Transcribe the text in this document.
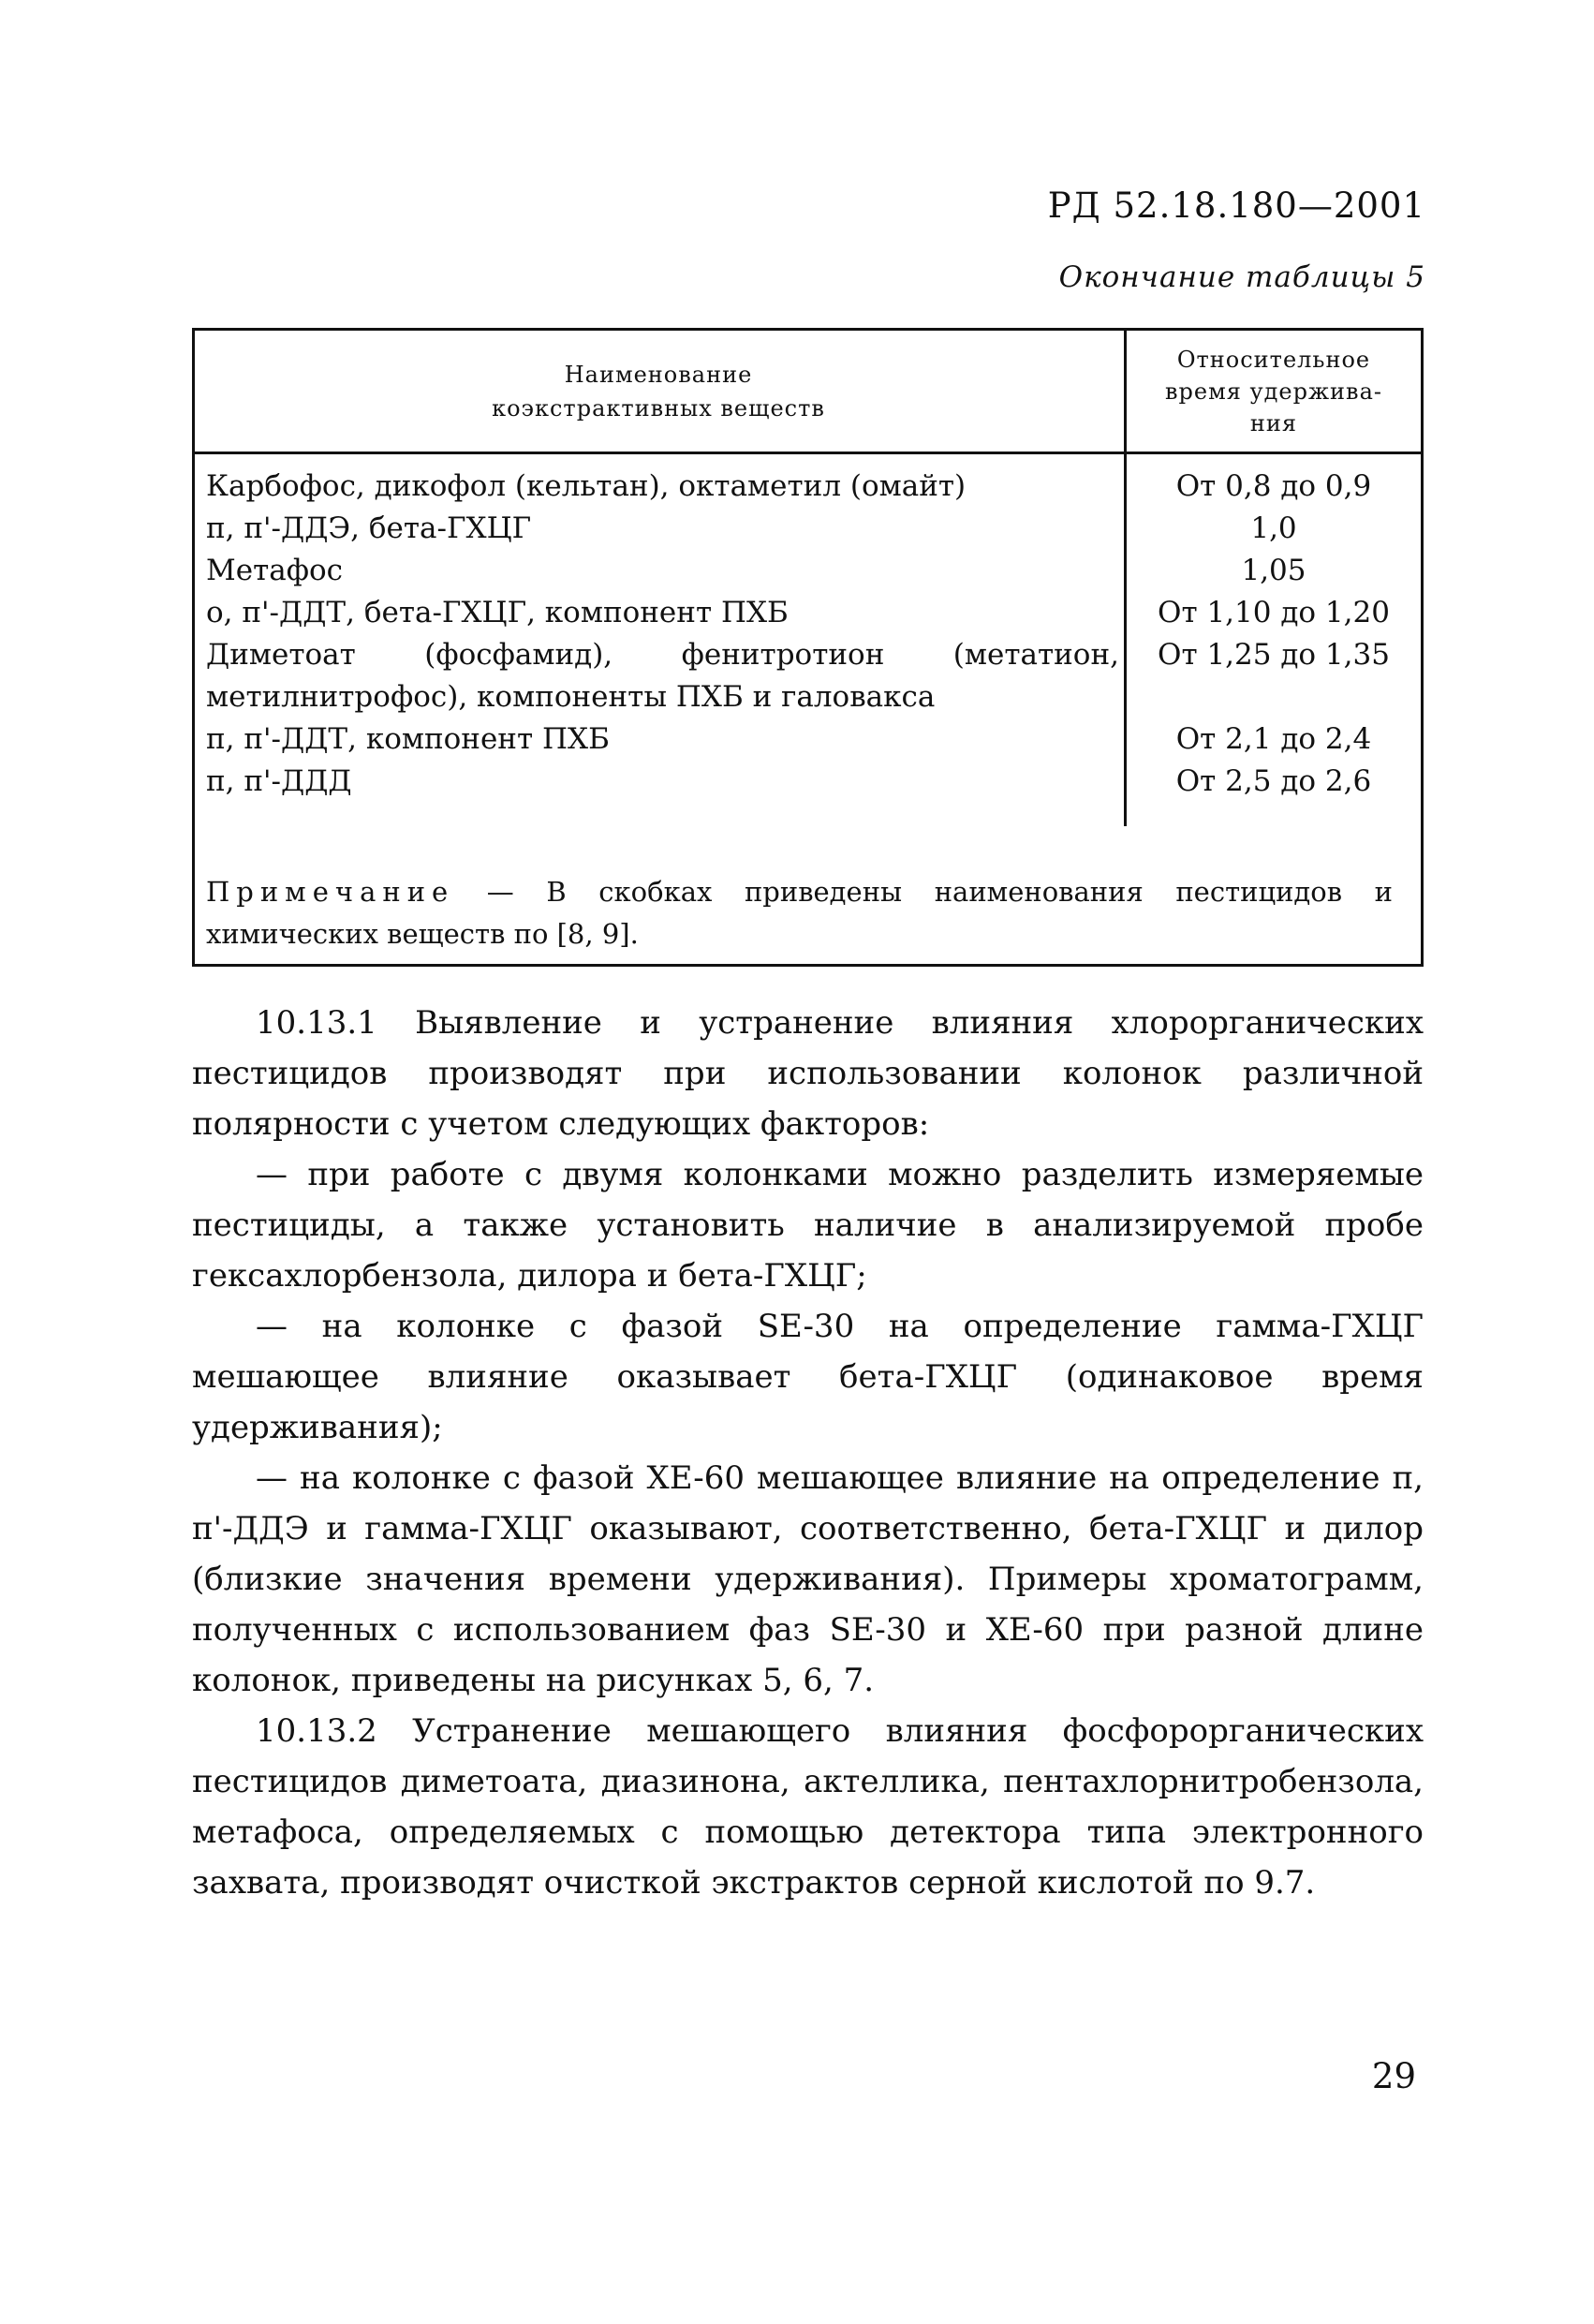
РД 52.18.180—2001
Окончание таблицы 5
Наименование
коэкстрактивных веществ
Относительное
время удержива-
ния
Карбофос, дикофол (кельтан), октаметил (омайт)
п, п'-ДДЭ, бета-ГХЦГ
Метафос
о, п'-ДДТ, бета-ГХЦГ, компонент ПХБ
Диметоат (фосфамид), фенитротион (метатион, метилнитрофос), компоненты ПХБ и галовакса
п, п'-ДДТ, компонент ПХБ
п, п'-ДДД
От 0,8 до 0,9
1,0
1,05
От 1,10 до 1,20
От 1,25 до 1,35
От 2,1 до 2,4
От 2,5 до 2,6
Примечание — В скобках приведены наименования пестицидов и химических веществ по [8, 9].

10.13.1 Выявление и устранение влияния хлорорганических пестицидов производят при использовании колонок различной полярности с учетом следующих факторов:

— при работе с двумя колонками можно разделить измеряемые пестициды, а также установить наличие в анализируемой пробе гексахлорбензола, дилора и бета-ГХЦГ;

— на колонке с фазой SE-30 на определение гамма-ГХЦГ мешающее влияние оказывает бета-ГХЦГ (одинаковое время удерживания);

— на колонке с фазой XE-60 мешающее влияние на определение п, п'-ДДЭ и гамма-ГХЦГ оказывают, соответственно, бета-ГХЦГ и дилор (близкие значения времени удерживания). Примеры хроматограмм, полученных с использованием фаз SE-30 и XE-60 при разной длине колонок, приведены на рисунках 5, 6, 7.

10.13.2 Устранение мешающего влияния фосфорорганических пестицидов диметоата, диазинона, актеллика, пентахлорнитробензола, метафоса, определяемых с помощью детектора типа электронного захвата, производят очисткой экстрактов серной кислотой по 9.7.

29
